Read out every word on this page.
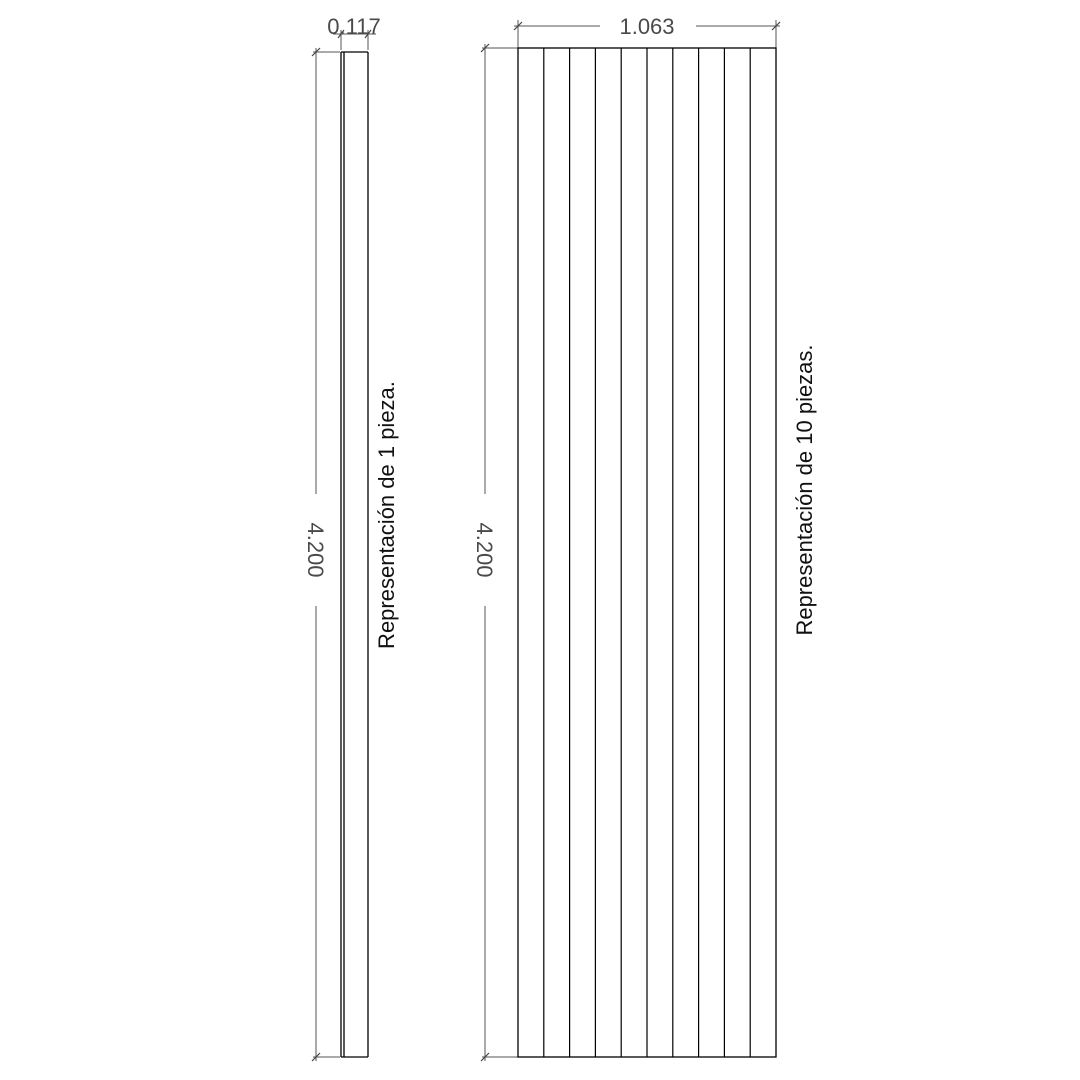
0.117
4.200 Representación de 1 pieza.
1.063
4.200	Representación de 10 piezas.
